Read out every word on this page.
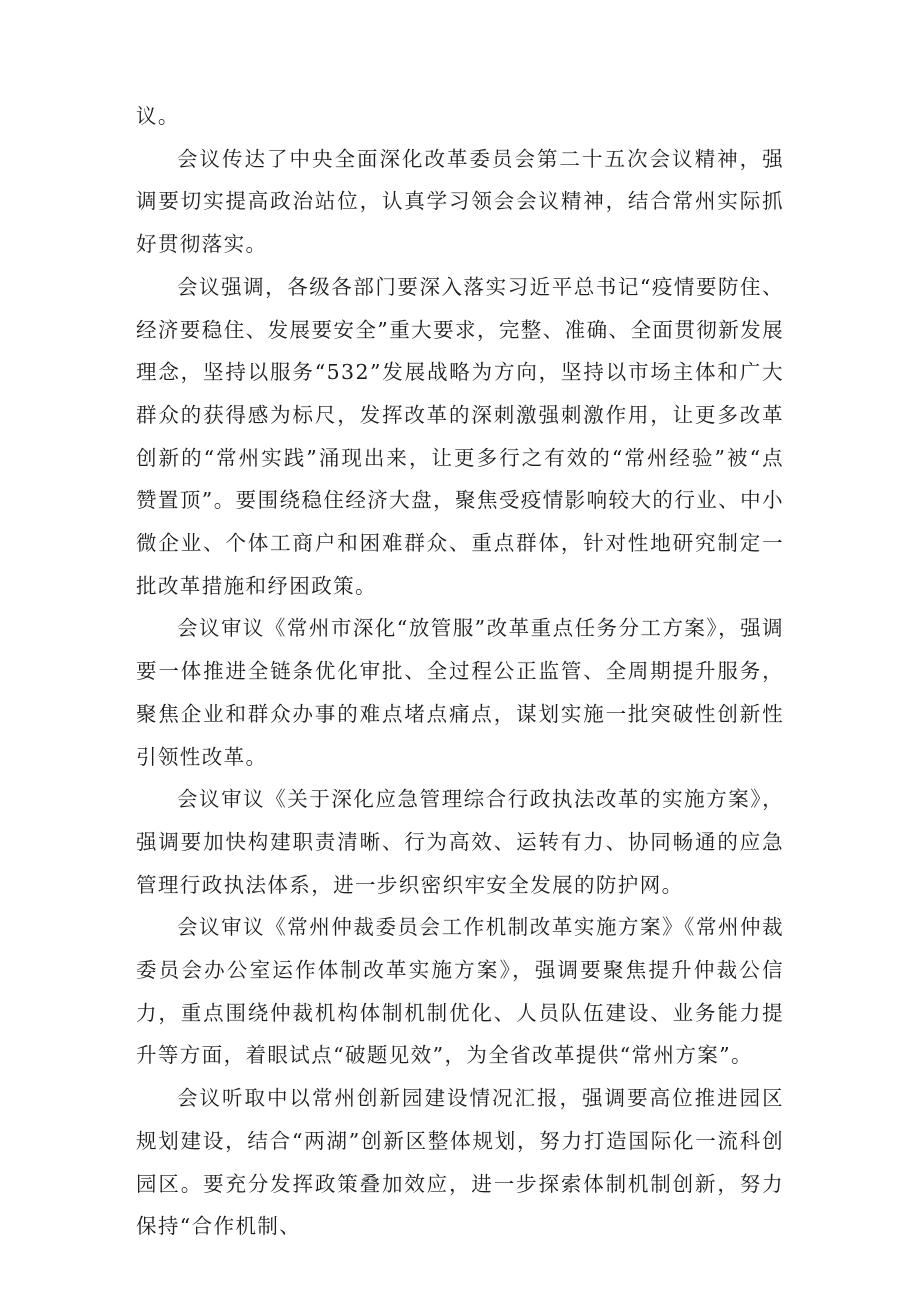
议。

会议传达了中央全面深化改革委员会第二十五次会议精神，强调要切实提高政治站位，认真学习领会会议精神，结合常州实际抓好贯彻落实。

会议强调，各级各部门要深入落实习近平总书记“疫情要防住、经济要稳住、发展要安全”重大要求，完整、准确、全面贯彻新发展理念，坚持以服务“532”发展战略为方向，坚持以市场主体和广大群众的获得感为标尺，发挥改革的深刺激强刺激作用，让更多改革创新的“常州实践”涌现出来，让更多行之有效的“常州经验”被“点赞置顶”。要围绕稳住经济大盘，聚焦受疫情影响较大的行业、中小微企业、个体工商户和困难群众、重点群体，针对性地研究制定一批改革措施和纾困政策。

会议审议《常州市深化“放管服”改革重点任务分工方案》，强调要一体推进全链条优化审批、全过程公正监管、全周期提升服务，聚焦企业和群众办事的难点堵点痛点，谋划实施一批突破性创新性引领性改革。

会议审议《关于深化应急管理综合行政执法改革的实施方案》，强调要加快构建职责清晰、行为高效、运转有力、协同畅通的应急管理行政执法体系，进一步织密织牢安全发展的防护网。

会议审议《常州仲裁委员会工作机制改革实施方案》《常州仲裁委员会办公室运作体制改革实施方案》，强调要聚焦提升仲裁公信力，重点围绕仲裁机构体制机制优化、人员队伍建设、业务能力提升等方面，着眼试点“破题见效”，为全省改革提供“常州方案”。

会议听取中以常州创新园建设情况汇报，强调要高位推进园区规划建设，结合“两湖”创新区整体规划，努力打造国际化一流科创园区。要充分发挥政策叠加效应，进一步探索体制机制创新，努力保持“合作机制、
